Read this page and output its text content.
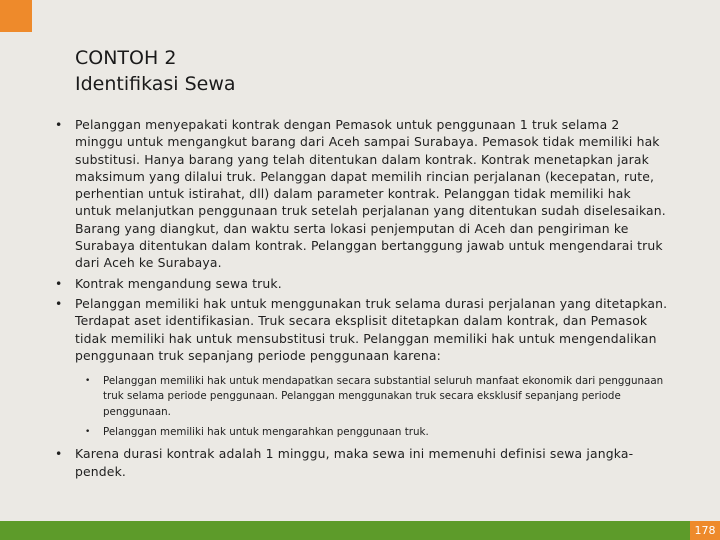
CONTOH 2
Identifikasi Sewa
• Pelanggan menyepakati kontrak dengan Pemasok untuk penggunaan 1 truk selama 2 minggu untuk mengangkut barang dari Aceh sampai Surabaya. Pemasok tidak memiliki hak substitusi. Hanya barang yang telah ditentukan dalam kontrak. Kontrak menetapkan jarak maksimum yang dilalui truk. Pelanggan dapat memilih rincian perjalanan (kecepatan, rute, perhentian untuk istirahat, dll) dalam parameter kontrak. Pelanggan tidak memiliki hak untuk melanjutkan penggunaan truk setelah perjalanan yang ditentukan sudah diselesaikan. Barang yang diangkut, dan waktu serta lokasi penjemputan di Aceh dan pengiriman ke Surabaya ditentukan dalam kontrak. Pelanggan bertanggung jawab untuk mengendarai truk dari Aceh ke Surabaya.
• Kontrak mengandung sewa truk.
• Pelanggan memiliki hak untuk menggunakan truk selama durasi perjalanan yang ditetapkan. Terdapat aset identifikasian. Truk secara eksplisit ditetapkan dalam kontrak, dan Pemasok tidak memiliki hak untuk mensubstitusi truk. Pelanggan memiliki hak untuk mengendalikan penggunaan truk sepanjang periode penggunaan karena:
• Pelanggan memiliki hak untuk mendapatkan secara substantial seluruh manfaat ekonomik dari penggunaan truk selama periode penggunaan. Pelanggan menggunakan truk secara eksklusif sepanjang periode penggunaan.
• Pelanggan memiliki hak untuk mengarahkan penggunaan truk.
• Karena durasi kontrak adalah 1 minggu, maka sewa ini memenuhi definisi sewa jangka-pendek.
178
